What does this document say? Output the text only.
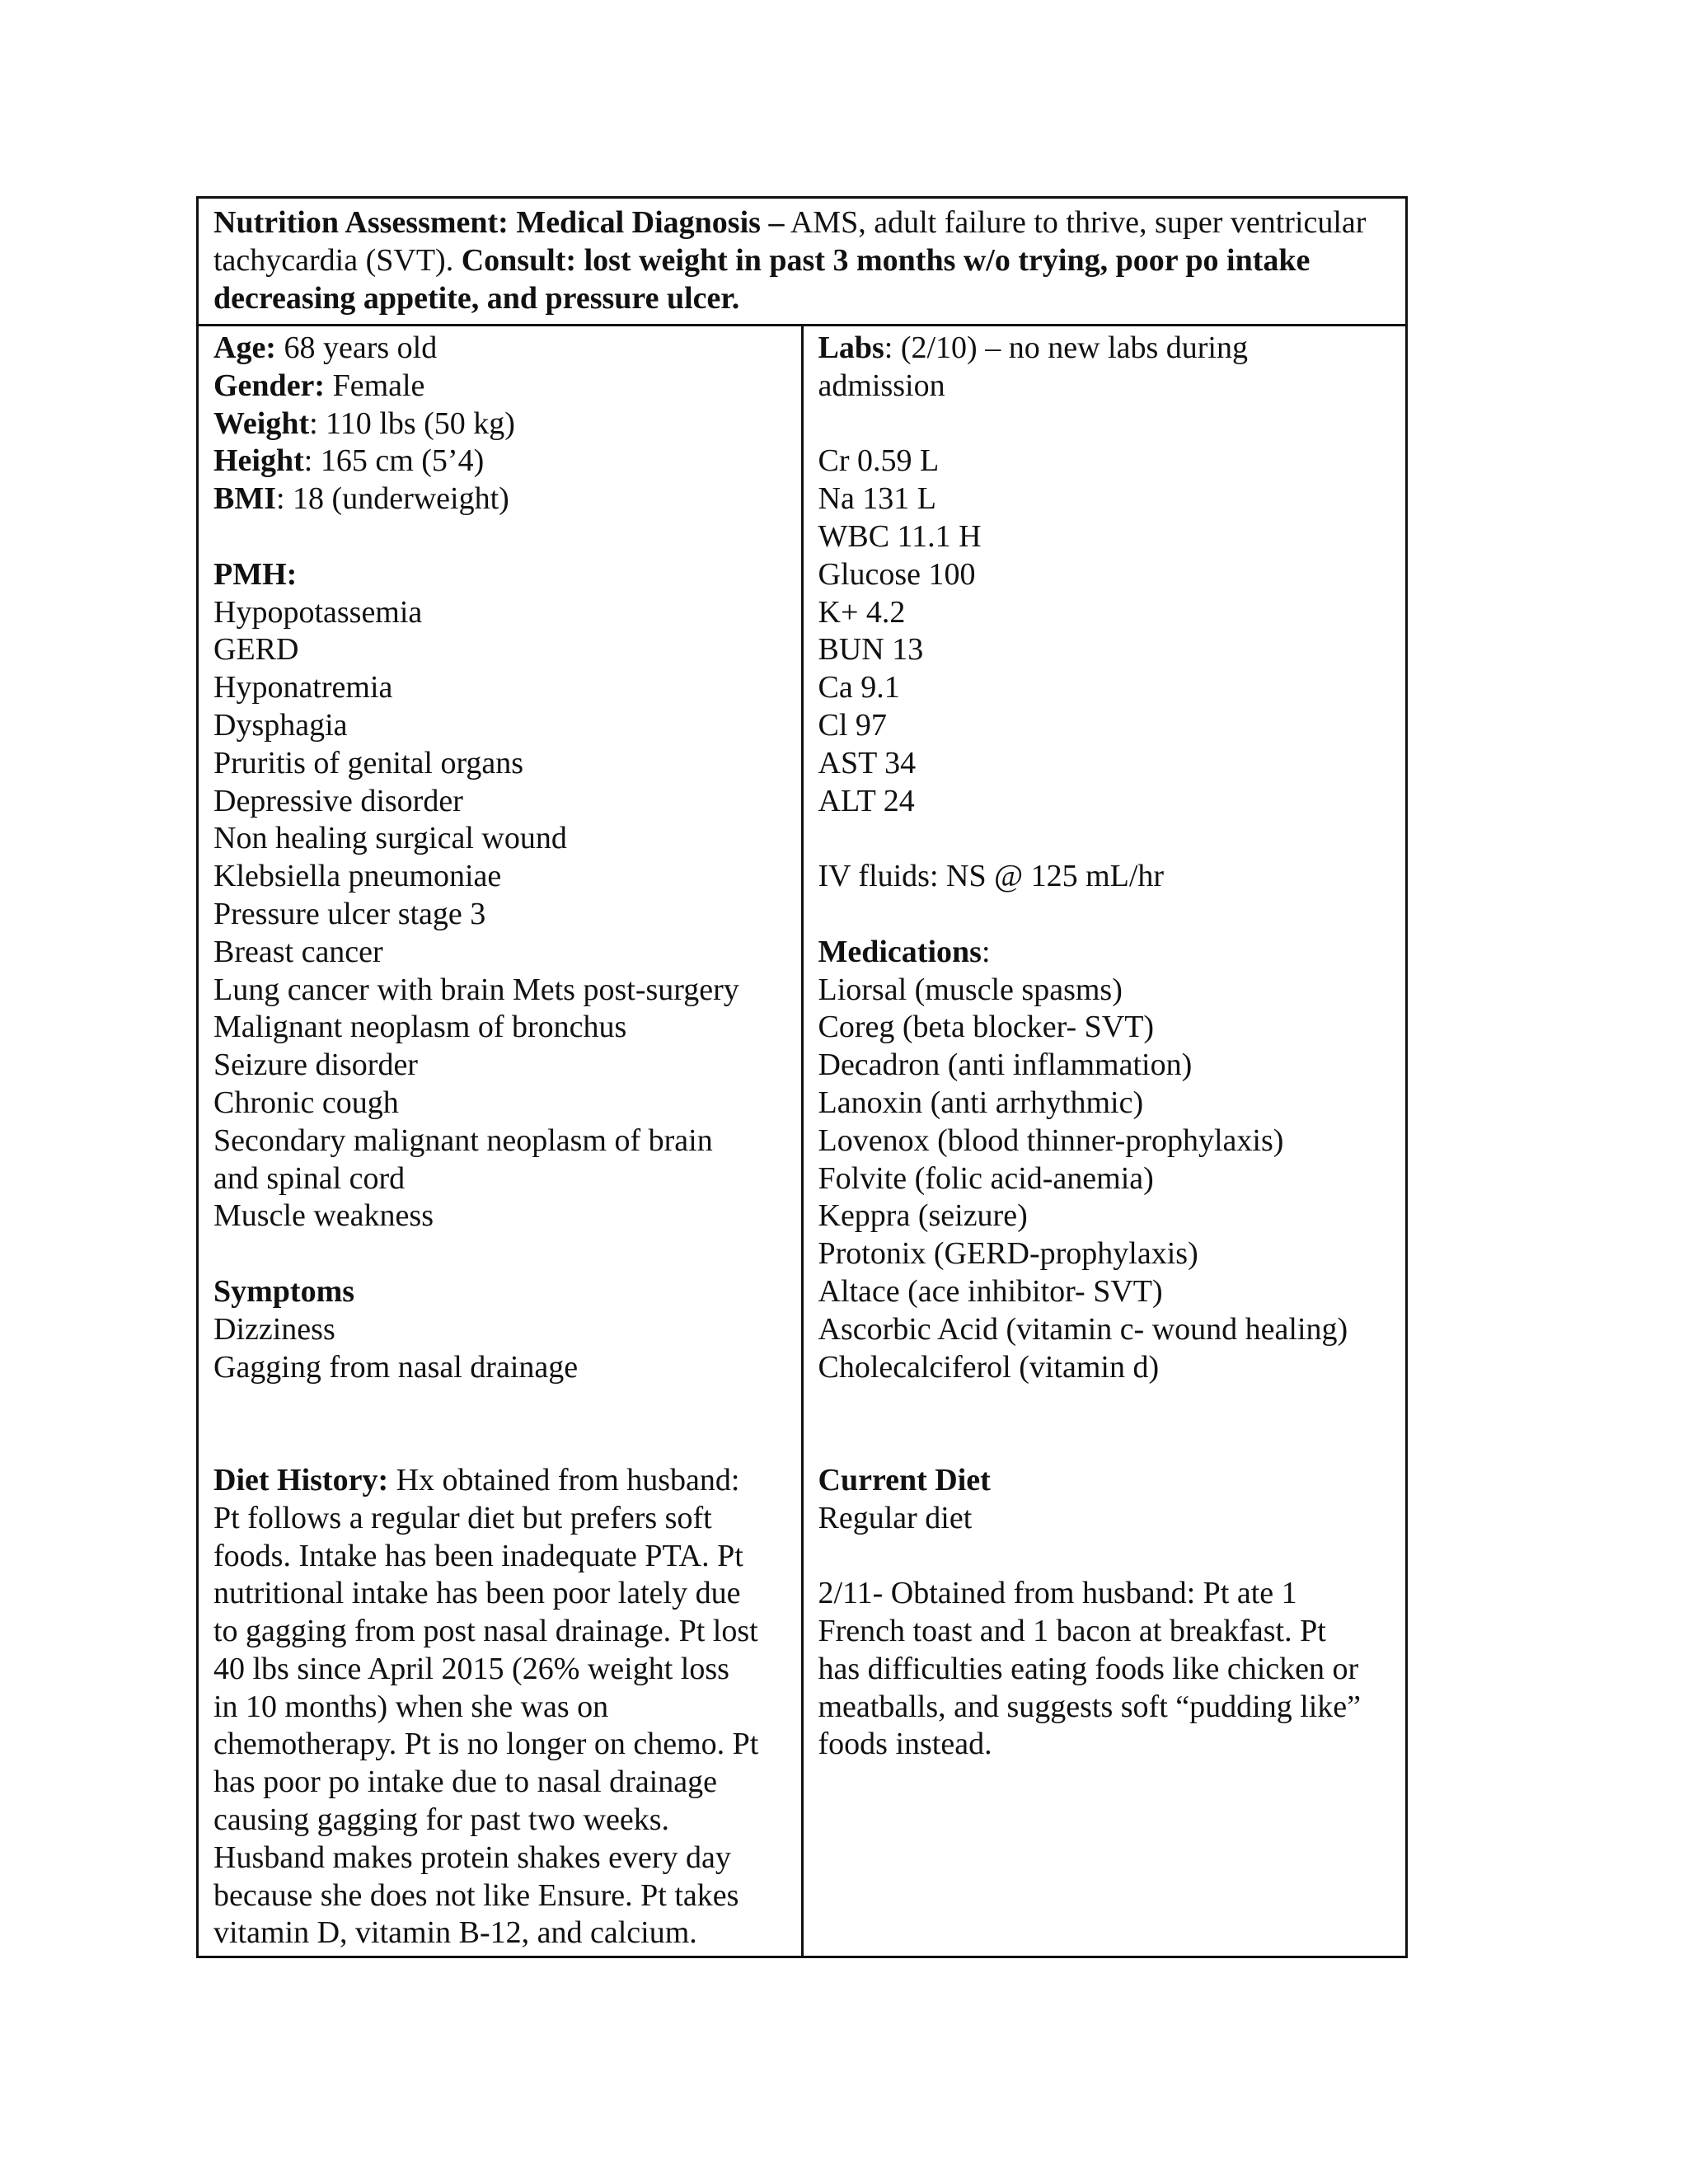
Nutrition Assessment: Medical Diagnosis – AMS, adult failure to thrive, super ventricular tachycardia (SVT). Consult: lost weight in past 3 months w/o trying, poor po intake decreasing appetite, and pressure ulcer.
Age: 68 years old
Gender: Female
Weight: 110 lbs (50 kg)
Height: 165 cm (5’4)
BMI: 18 (underweight)
PMH:
Hypopotassemia
GERD
Hyponatremia
Dysphagia
Pruritis of genital organs
Depressive disorder
Non healing surgical wound
Klebsiella pneumoniae
Pressure ulcer stage 3
Breast cancer
Lung cancer with brain Mets post-surgery
Malignant neoplasm of bronchus
Seizure disorder
Chronic cough
Secondary malignant neoplasm of brain
and spinal cord
Muscle weakness
Symptoms
Dizziness
Gagging from nasal drainage
Diet History: Hx obtained from husband:
Pt follows a regular diet but prefers soft
foods. Intake has been inadequate PTA. Pt
nutritional intake has been poor lately due
to gagging from post nasal drainage. Pt lost
40 lbs since April 2015 (26% weight loss
in 10 months) when she was on
chemotherapy. Pt is no longer on chemo. Pt
has poor po intake due to nasal drainage
causing gagging for past two weeks.
Husband makes protein shakes every day
because she does not like Ensure. Pt takes
vitamin D, vitamin B-12, and calcium.
Labs: (2/10) – no new labs during
admission
Cr 0.59 L
Na 131 L
WBC 11.1 H
Glucose 100
K+ 4.2
BUN 13
Ca 9.1
Cl 97
AST 34
ALT 24
IV fluids: NS @ 125 mL/hr
Medications:
Liorsal (muscle spasms)
Coreg (beta blocker- SVT)
Decadron (anti inflammation)
Lanoxin (anti arrhythmic)
Lovenox (blood thinner-prophylaxis)
Folvite (folic acid-anemia)
Keppra (seizure)
Protonix (GERD-prophylaxis)
Altace (ace inhibitor- SVT)
Ascorbic Acid (vitamin c- wound healing)
Cholecalciferol (vitamin d)
Current Diet
Regular diet
2/11- Obtained from husband: Pt ate 1
French toast and 1 bacon at breakfast. Pt
has difficulties eating foods like chicken or
meatballs, and suggests soft “pudding like”
foods instead.
